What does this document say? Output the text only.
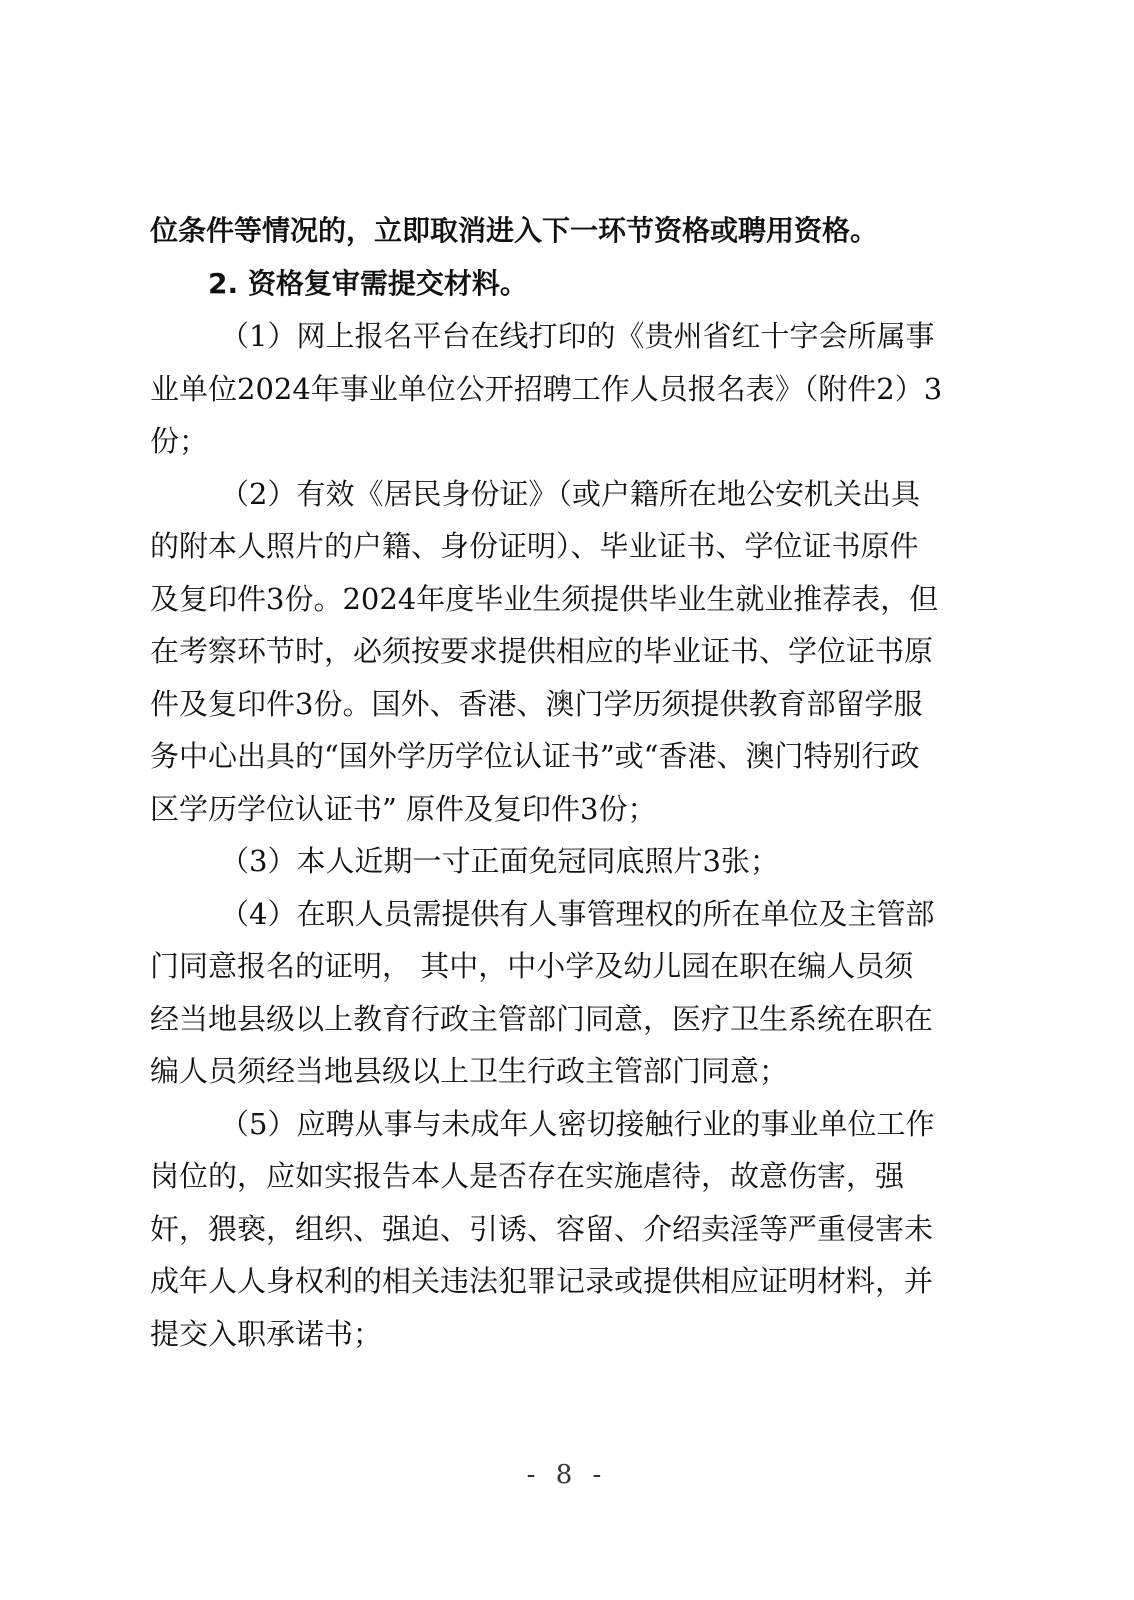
位条件等情况的，立即取消进入下一环节资格或聘用资格。
2. 资格复审需提交材料。
（1）网上报名平台在线打印的《贵州省红十字会所属事
业单位2024年事业单位公开招聘工作人员报名表》（附件2）3
份；
（2）有效《居民身份证》（或户籍所在地公安机关出具
的附本人照片的户籍、身份证明）、毕业证书、学位证书原件
及复印件3份。2024年度毕业生须提供毕业生就业推荐表，但
在考察环节时，必须按要求提供相应的毕业证书、学位证书原
件及复印件3份。国外、香港、澳门学历须提供教育部留学服
务中心出具的“国外学历学位认证书”或“香港、澳门特别行政
区学历学位认证书” 原件及复印件3份；
（3）本人近期一寸正面免冠同底照片3张；
（4）在职人员需提供有人事管理权的所在单位及主管部
门同意报名的证明， 其中，中小学及幼儿园在职在编人员须
经当地县级以上教育行政主管部门同意，医疗卫生系统在职在
编人员须经当地县级以上卫生行政主管部门同意；
（5）应聘从事与未成年人密切接触行业的事业单位工作
岗位的，应如实报告本人是否存在实施虐待，故意伤害，强
奸，猥亵，组织、强迫、引诱、容留、介绍卖淫等严重侵害未
成年人人身权利的相关违法犯罪记录或提供相应证明材料，并
提交入职承诺书；
- 8 -
